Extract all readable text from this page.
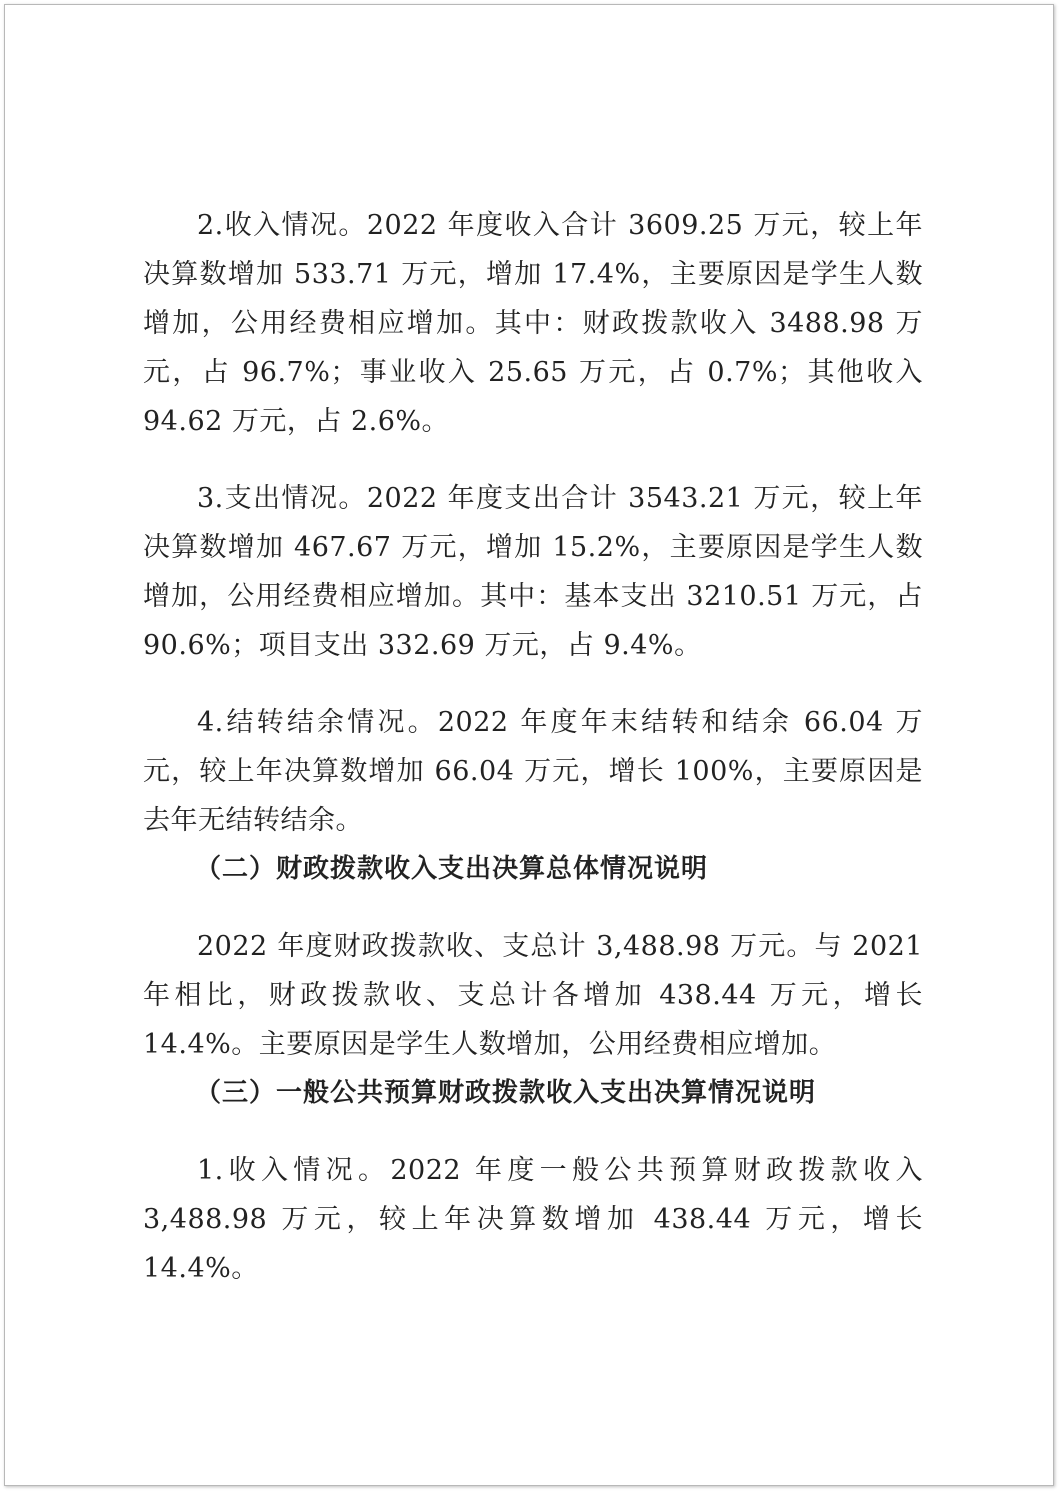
2.收入情况。2022 年度收入合计 3609.25 万元，较上年决算数增加 533.71 万元，增加 17.4%，主要原因是学生人数增加，公用经费相应增加。其中：财政拨款收入 3488.98 万元，占 96.7%；事业收入 25.65 万元，占 0.7%；其他收入 94.62 万元，占 2.6%。

3.支出情况。2022 年度支出合计 3543.21 万元，较上年决算数增加 467.67 万元，增加 15.2%，主要原因是学生人数增加，公用经费相应增加。其中：基本支出 3210.51 万元，占 90.6%；项目支出 332.69 万元，占 9.4%。

4.结转结余情况。2022 年度年末结转和结余 66.04 万元，较上年决算数增加 66.04 万元，增长 100%，主要原因是去年无结转结余。

（二）财政拨款收入支出决算总体情况说明

2022 年度财政拨款收、支总计 3,488.98 万元。与 2021 年相比，财政拨款收、支总计各增加 438.44 万元，增长 14.4%。主要原因是学生人数增加，公用经费相应增加。

（三）一般公共预算财政拨款收入支出决算情况说明

1.收入情况。2022 年度一般公共预算财政拨款收入 3,488.98 万元，较上年决算数增加 438.44 万元，增长 14.4%。
